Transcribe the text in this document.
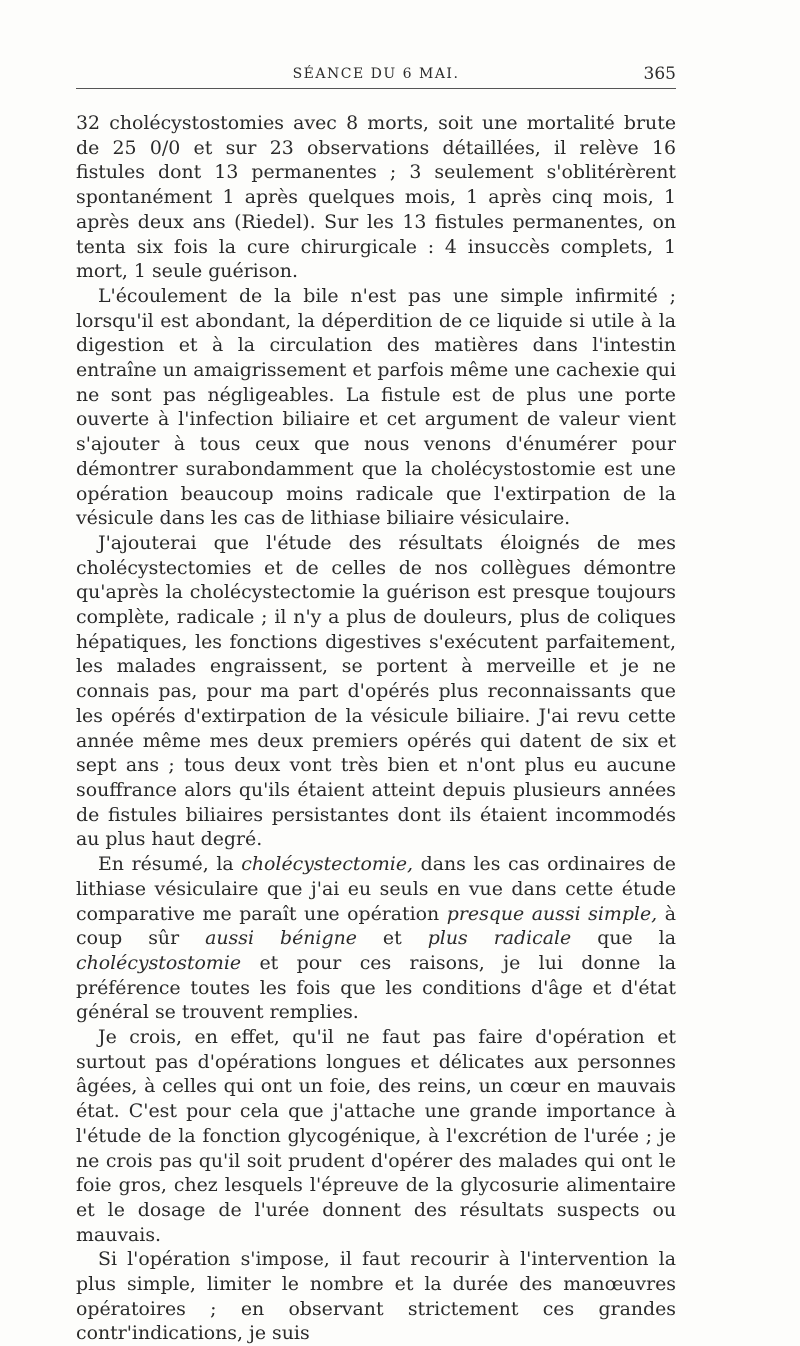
SÉANCE DU 6 MAI.	365

32 cholécystostomies avec 8 morts, soit une mortalité brute de 25 0/0 et sur 23 observations détaillées, il relève 16 fistules dont 13 permanentes ; 3 seulement s'oblitérèrent spontanément 1 après quelques mois, 1 après cinq mois, 1 après deux ans (Riedel). Sur les 13 fistules permanentes, on tenta six fois la cure chirurgicale : 4 insuccès complets, 1 mort, 1 seule guérison.

L'écoulement de la bile n'est pas une simple infirmité ; lorsqu'il est abondant, la déperdition de ce liquide si utile à la digestion et à la circulation des matières dans l'intestin entraîne un amaigrissement et parfois même une cachexie qui ne sont pas négligeables. La fistule est de plus une porte ouverte à l'infection biliaire et cet argument de valeur vient s'ajouter à tous ceux que nous venons d'énumérer pour démontrer surabondamment que la cholécystostomie est une opération beaucoup moins radicale que l'extirpation de la vésicule dans les cas de lithiase biliaire vésiculaire.

J'ajouterai que l'étude des résultats éloignés de mes cholécystectomies et de celles de nos collègues démontre qu'après la cholécystectomie la guérison est presque toujours complète, radicale ; il n'y a plus de douleurs, plus de coliques hépatiques, les fonctions digestives s'exécutent parfaitement, les malades engraissent, se portent à merveille et je ne connais pas, pour ma part d'opérés plus reconnaissants que les opérés d'extirpation de la vésicule biliaire. J'ai revu cette année même mes deux premiers opérés qui datent de six et sept ans ; tous deux vont très bien et n'ont plus eu aucune souffrance alors qu'ils étaient atteint depuis plusieurs années de fistules biliaires persistantes dont ils étaient incommodés au plus haut degré.

En résumé, la cholécystectomie, dans les cas ordinaires de lithiase vésiculaire que j'ai eu seuls en vue dans cette étude comparative me paraît une opération presque aussi simple, à coup sûr aussi bénigne et plus radicale que la cholécystostomie et pour ces raisons, je lui donne la préférence toutes les fois que les conditions d'âge et d'état général se trouvent remplies.

Je crois, en effet, qu'il ne faut pas faire d'opération et surtout pas d'opérations longues et délicates aux personnes âgées, à celles qui ont un foie, des reins, un cœur en mauvais état. C'est pour cela que j'attache une grande importance à l'étude de la fonction glycogénique, à l'excrétion de l'urée ; je ne crois pas qu'il soit prudent d'opérer des malades qui ont le foie gros, chez lesquels l'épreuve de la glycosurie alimentaire et le dosage de l'urée donnent des résultats suspects ou mauvais.

Si l'opération s'impose, il faut recourir à l'intervention la plus simple, limiter le nombre et la durée des manœuvres opératoires ; en observant strictement ces grandes contr'indications, je suis
